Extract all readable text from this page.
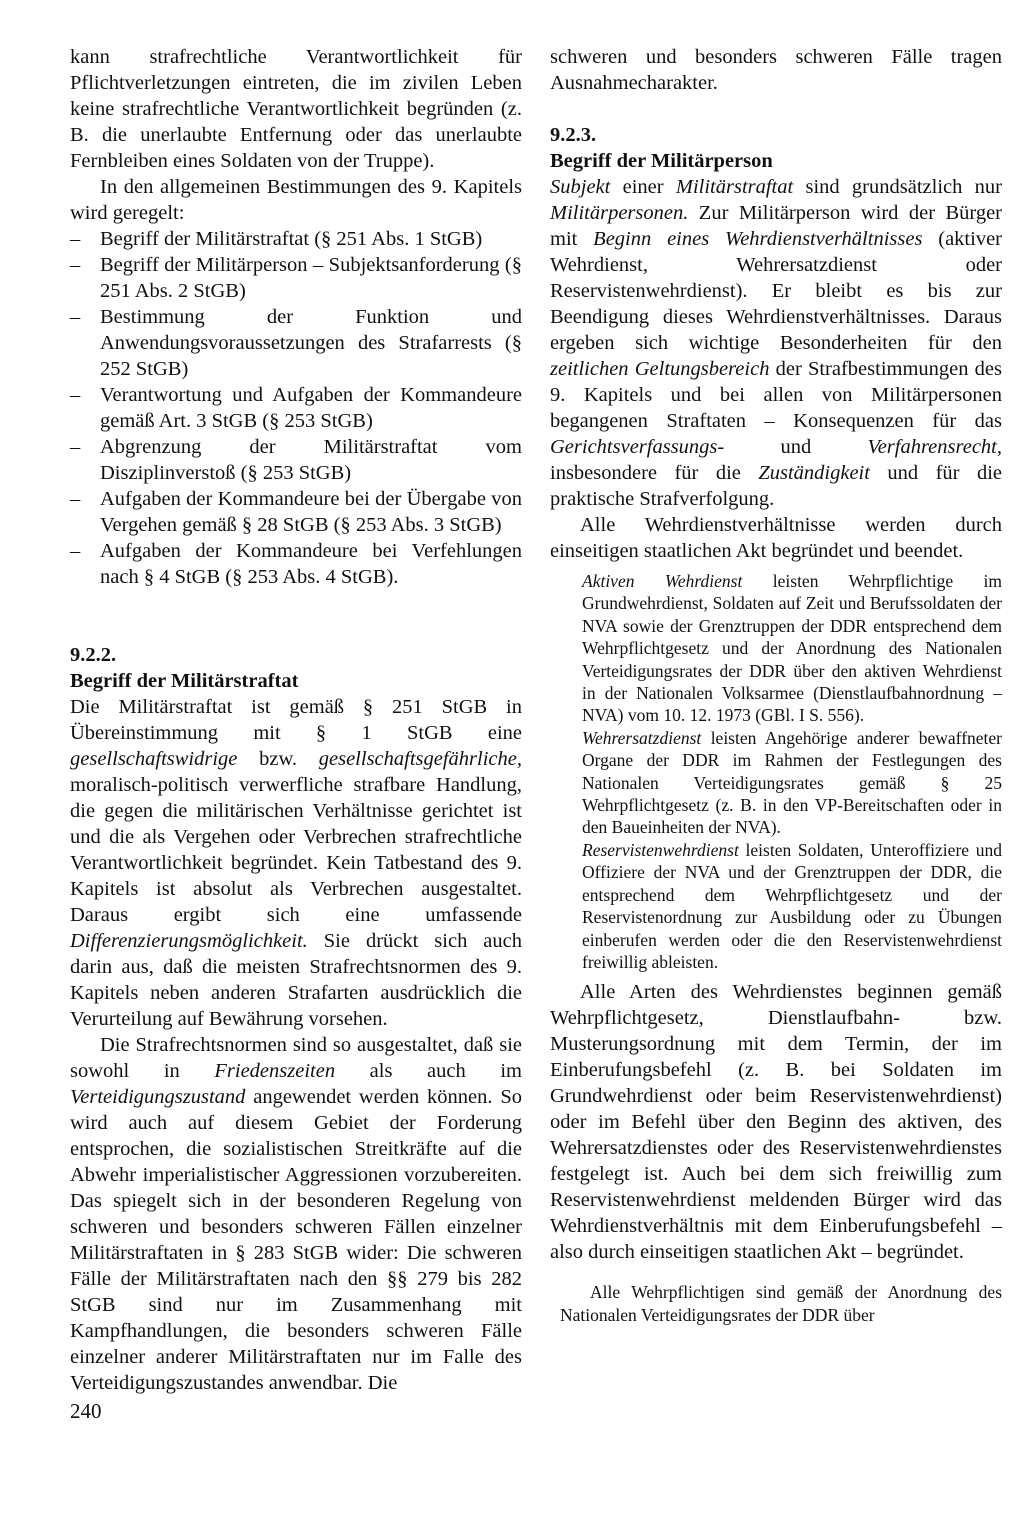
kann strafrechtliche Verantwortlichkeit für Pflichtverletzungen eintreten, die im zivilen Leben keine strafrechtliche Verantwortlichkeit begründen (z. B. die unerlaubte Entfernung oder das unerlaubte Fernbleiben eines Soldaten von der Truppe).

In den allgemeinen Bestimmungen des 9. Kapitels wird geregelt:

– Begriff der Militärstraftat (§ 251 Abs. 1 StGB)
– Begriff der Militärperson – Subjektsanforderung (§ 251 Abs. 2 StGB)
– Bestimmung der Funktion und Anwendungsvoraussetzungen des Strafarrests (§ 252 StGB)
– Verantwortung und Aufgaben der Kommandeure gemäß Art. 3 StGB (§ 253 StGB)
– Abgrenzung der Militärstraftat vom Disziplinverstoß (§ 253 StGB)
– Aufgaben der Kommandeure bei der Übergabe von Vergehen gemäß § 28 StGB (§ 253 Abs. 3 StGB)
– Aufgaben der Kommandeure bei Verfehlungen nach § 4 StGB (§ 253 Abs. 4 StGB).

9.2.2.

Begriff der Militärstraftat

Die Militärstraftat ist gemäß § 251 StGB in Übereinstimmung mit § 1 StGB eine gesellschaftswidrige bzw. gesellschaftsgefährliche, moralisch-politisch verwerfliche strafbare Handlung, die gegen die militärischen Verhältnisse gerichtet ist und die als Vergehen oder Verbrechen strafrechtliche Verantwortlichkeit begründet. Kein Tatbestand des 9. Kapitels ist absolut als Verbrechen ausgestaltet. Daraus ergibt sich eine umfassende Differenzierungsmöglichkeit. Sie drückt sich auch darin aus, daß die meisten Strafrechtsnormen des 9. Kapitels neben anderen Strafarten ausdrücklich die Verurteilung auf Bewährung vorsehen.

Die Strafrechtsnormen sind so ausgestaltet, daß sie sowohl in Friedenszeiten als auch im Verteidigungszustand angewendet werden können. So wird auch auf diesem Gebiet der Forderung entsprochen, die sozialistischen Streitkräfte auf die Abwehr imperialistischer Aggressionen vorzubereiten. Das spiegelt sich in der besonderen Regelung von schweren und besonders schweren Fällen einzelner Militärstraftaten in § 283 StGB wider: Die schweren Fälle der Militärstraftaten nach den §§ 279 bis 282 StGB sind nur im Zusammenhang mit Kampfhandlungen, die besonders schweren Fälle einzelner anderer Militärstraftaten nur im Falle des Verteidigungszustandes anwendbar. Die

schweren und besonders schweren Fälle tragen Ausnahmecharakter.

9.2.3.

Begriff der Militärperson

Subjekt einer Militärstraftat sind grundsätzlich nur Militärpersonen. Zur Militärperson wird der Bürger mit Beginn eines Wehrdienstverhältnisses (aktiver Wehrdienst, Wehrersatzdienst oder Reservistenwehrdienst). Er bleibt es bis zur Beendigung dieses Wehrdienstverhältnisses. Daraus ergeben sich wichtige Besonderheiten für den zeitlichen Geltungsbereich der Strafbestimmungen des 9. Kapitels und bei allen von Militärpersonen begangenen Straftaten – Konsequenzen für das Gerichtsverfassungs- und Verfahrensrecht, insbesondere für die Zuständigkeit und für die praktische Strafverfolgung.

Alle Wehrdienstverhältnisse werden durch einseitigen staatlichen Akt begründet und beendet.

Aktiven Wehrdienst leisten Wehrpflichtige im Grundwehrdienst, Soldaten auf Zeit und Berufssoldaten der NVA sowie der Grenztruppen der DDR entsprechend dem Wehrpflichtgesetz und der Anordnung des Nationalen Verteidigungsrates der DDR über den aktiven Wehrdienst in der Nationalen Volksarmee (Dienstlaufbahnordnung – NVA) vom 10. 12. 1973 (GBl. I S. 556).

Wehrersatzdienst leisten Angehörige anderer bewaffneter Organe der DDR im Rahmen der Festlegungen des Nationalen Verteidigungsrates gemäß § 25 Wehrpflichtgesetz (z. B. in den VP-Bereitschaften oder in den Baueinheiten der NVA).

Reservistenwehrdienst leisten Soldaten, Unteroffiziere und Offiziere der NVA und der Grenztruppen der DDR, die entsprechend dem Wehrpflichtgesetz und der Reservistenordnung zur Ausbildung oder zu Übungen einberufen werden oder die den Reservistenwehrdienst freiwillig ableisten.

Alle Arten des Wehrdienstes beginnen gemäß Wehrpflichtgesetz, Dienstlaufbahn- bzw. Musterungsordnung mit dem Termin, der im Einberufungsbefehl (z. B. bei Soldaten im Grundwehrdienst oder beim Reservistenwehrdienst) oder im Befehl über den Beginn des aktiven, des Wehrersatzdienstes oder des Reservistenwehrdienstes festgelegt ist. Auch bei dem sich freiwillig zum Reservistenwehrdienst meldenden Bürger wird das Wehrdienstverhältnis mit dem Einberufungsbefehl – also durch einseitigen staatlichen Akt – begründet.

Alle Wehrpflichtigen sind gemäß der Anordnung des Nationalen Verteidigungsrates der DDR über

240
